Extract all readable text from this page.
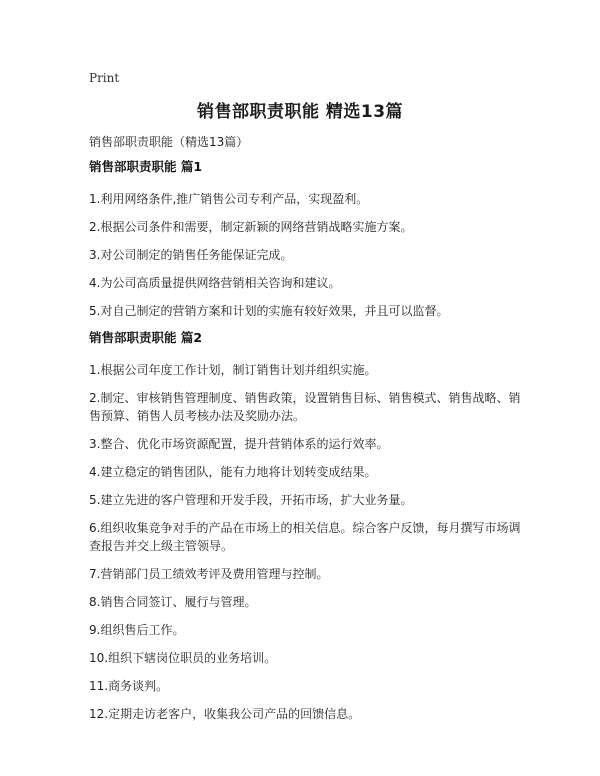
Print
销售部职责职能 精选13篇
销售部职责职能（精选13篇）
销售部职责职能 篇1
1.利用网络条件,推广销售公司专利产品，实现盈利。
2.根据公司条件和需要，制定新颖的网络营销战略实施方案。
3.对公司制定的销售任务能保证完成。
4.为公司高质量提供网络营销相关咨询和建议。
5.对自己制定的营销方案和计划的实施有较好效果，并且可以监督。
销售部职责职能 篇2
1.根据公司年度工作计划，制订销售计划并组织实施。
2.制定、审核销售管理制度、销售政策，设置销售目标、销售模式、销售战略、销售预算、销售人员考核办法及奖励办法。
3.整合、优化市场资源配置，提升营销体系的运行效率。
4.建立稳定的销售团队，能有力地将计划转变成结果。
5.建立先进的客户管理和开发手段，开拓市场，扩大业务量。
6.组织收集竞争对手的产品在市场上的相关信息。综合客户反馈，每月撰写市场调查报告并交上级主管领导。
7.营销部门员工绩效考评及费用管理与控制。
8.销售合同签订、履行与管理。
9.组织售后工作。
10.组织下辖岗位职员的业务培训。
11.商务谈判。
12.定期走访老客户，收集我公司产品的回馈信息。
